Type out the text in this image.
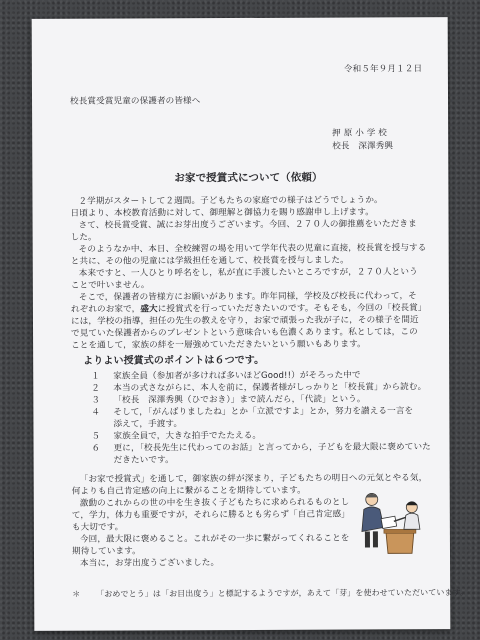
令和５年９月１２日
校長賞受賞児童の保護者の皆様へ
押 原 小 学 校
校長　深澤秀興
お家で授賞式について（依頼）
２学期がスタートして２週間。子どもたちの家庭での様子はどうでしょうか。
日頃より、本校教育活動に対して、御理解と御協力を賜り感謝申し上げます。
さて、校長賞受賞、誠にお芽出度うございます。今回、２７０人の御推薦をいただきま
した。
そのようなか中、本日、全校練習の場を用いて学年代表の児童に直接，校長賞を授与する
と共に、その他の児童には学級担任を通して、校長賞を授与しました。
本来ですと、一人ひとり呼名をし，私が直に手渡したいところですが，２７０人という
ことで叶いません。
そこで，保護者の皆様方にお願いがあります。昨年同様，学校及び校長に代わって，そ
れぞれのお家で，盛大に授賞式を行っていただきたいのです。そもそも，今回の「校長賞」
には，学校の指導，担任の先生の教えを守り，お家で頑張った我が子に，その様子を間近
で見ていた保護者からのプレゼントという意味合いも色濃くあります。私としては，この
ことを通して，家族の絆を一層強めていただきたいという願いもあります。
よりよい授賞式のポイントは６つです。
１ 家族全員（参加者が多ければ多いほどGood!!）がそろった中で
２ 本当の式さながらに、本人を前に，保護者様がしっかりと「校長賞」から読む。
３ 「校長　深澤秀興（ひでおき）」まで読んだら，「代読」という。
４ そして，「がんばりましたね」とか「立派ですよ」とか，努力を讃える一言を
添えて，手渡す。
５ 家族全員で，大きな拍手でたたえる。
６ 更に，「校長先生に代わってのお話」と言ってから，子どもを最大限に褒めていた
だきたいです。
「お家で授賞式」を通して，御家族の絆が深まり，子どもたちの明日への元気とやる気，
何よりも自己肯定感の向上に繋がることを期待しています。
激動のこれからの世の中を生き抜く子どもたちに求められるものとし
て，学力，体力も重要ですが，それらに勝るとも劣らず「自己肯定感」
も大切です。
今回，最大限に褒めること。これがその一歩に繋がってくれることを
期待しています。
本当に，お芽出度うございました。
＊ 「おめでとう」は「お目出度う」と標記するようですが，あえて「芽」を使わせていただいています。
